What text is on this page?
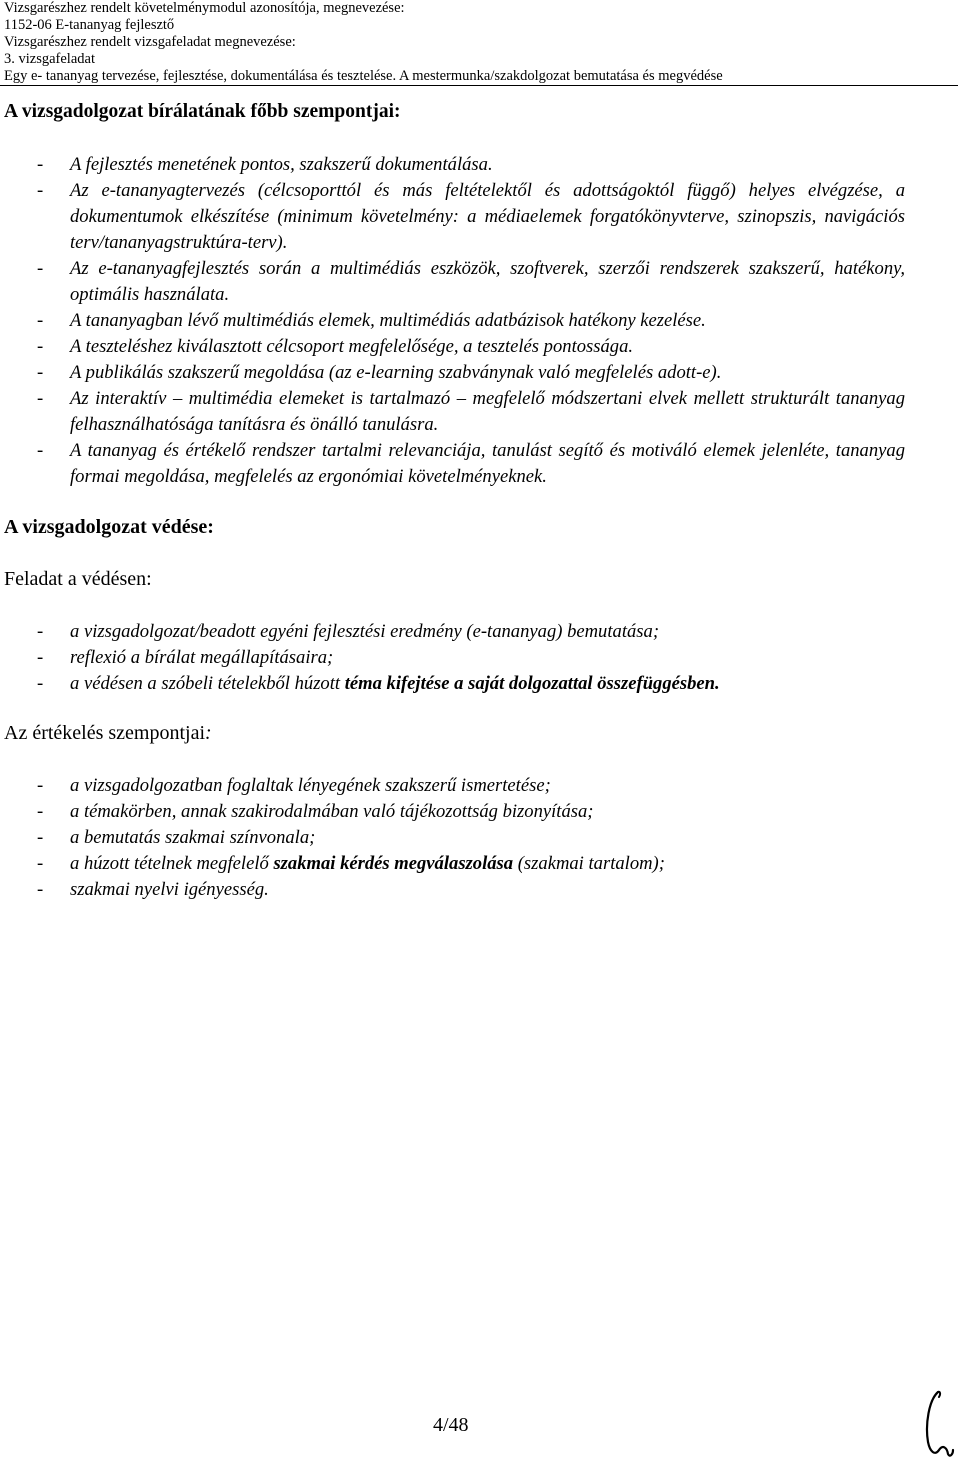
Vizsgarészhez rendelt követelménymodul azonosítója, megnevezése:
1152-06 E-tananyag fejlesztő
Vizsgarészhez rendelt vizsgafeladat megnevezése:
3. vizsgafeladat
Egy e- tananyag tervezése, fejlesztése, dokumentálása és tesztelése. A mestermunka/szakdolgozat bemutatása és megvédése
A vizsgadolgozat bírálatának főbb szempontjai:
- A fejlesztés menetének pontos, szakszerű dokumentálása.
- Az e-tananyagtervezés (célcsoporttól és más feltételektől és adottságoktól függő) helyes elvégzése, a dokumentumok elkészítése (minimum követelmény: a médiaelemek forgatókönyvterve, szinopszis, navigációs terv/tananyagstruktúra-terv).
- Az e-tananyagfejlesztés során a multimédiás eszközök, szoftverek, szerzői rendszerek szakszerű, hatékony, optimális használata.
- A tananyagban lévő multimédiás elemek, multimédiás adatbázisok hatékony kezelése.
- A teszteléshez kiválasztott célcsoport megfelelősége, a tesztelés pontossága.
- A publikálás szakszerű megoldása (az e-learning szabványnak való megfelelés adott-e).
- Az interaktív – multimédia elemeket is tartalmazó – megfelelő módszertani elvek mellett strukturált tananyag felhasználhatósága tanításra és önálló tanulásra.
- A tananyag és értékelő rendszer tartalmi relevanciája, tanulást segítő és motiváló elemek jelenléte, tananyag formai megoldása, megfelelés az ergonómiai követelményeknek.
A vizsgadolgozat védése:
Feladat a védésen:
- a vizsgadolgozat/beadott egyéni fejlesztési eredmény (e-tananyag) bemutatása;
- reflexió a bírálat megállapításaira;
- a védésen a szóbeli tételekből húzott téma kifejtése a saját dolgozattal összefüggésben.
Az értékelés szempontjai:
- a vizsgadolgozatban foglaltak lényegének szakszerű ismertetése;
- a témakörben, annak szakirodalmában való tájékozottság bizonyítása;
- a bemutatás szakmai színvonala;
- a húzott tételnek megfelelő szakmai kérdés megválaszolása (szakmai tartalom);
- szakmai nyelvi igényesség.
4/48
